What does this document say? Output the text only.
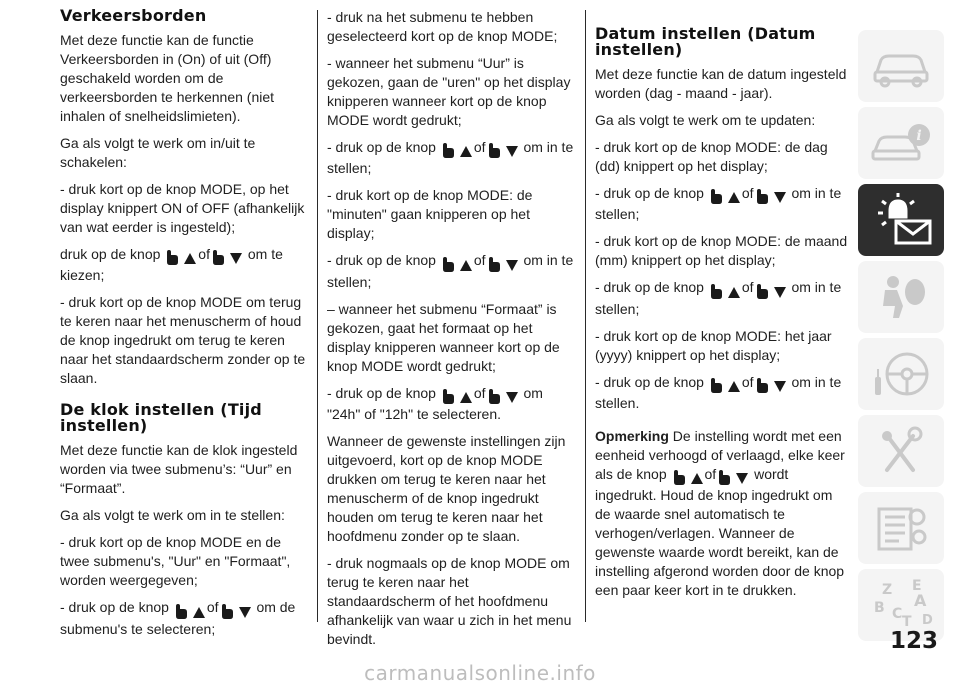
Verkeersborden

Met deze functie kan de functie Verkeersborden in (On) of uit (Off) geschakeld worden om de verkeersborden te herkennen (niet inhalen of snelheidslimieten).

Ga als volgt te werk om in/uit te schakelen:

- druk kort op de knop MODE, op het display knippert ON of OFF (afhankelijk van wat eerder is ingesteld);

druk op de knop	of	om te kiezen;

- druk kort op de knop MODE om terug te keren naar het menuscherm of houd de knop ingedrukt om terug te keren naar het standaardscherm zonder op te slaan.

De klok instellen (Tijd instellen)

Met deze functie kan de klok ingesteld worden via twee submenu’s: “Uur” en “Formaat”.

Ga als volgt te werk om in te stellen:

- druk kort op de knop MODE en de twee submenu's, "Uur" en "Formaat", worden weergegeven;

- druk op de knop	of	om de submenu's te selecteren;

- druk na het submenu te hebben geselecteerd kort op de knop MODE;

- wanneer het submenu “Uur” is gekozen, gaan de "uren" op het display knipperen wanneer kort op de knop MODE wordt gedrukt;

- druk op de knop	of	om in te stellen;

- druk kort op de knop MODE: de "minuten" gaan knipperen op het display;

- druk op de knop	of	om in te stellen;

– wanneer het submenu “Formaat” is gekozen, gaat het formaat op het display knipperen wanneer kort op de knop MODE wordt gedrukt;

- druk op de knop	of	om "24h" of "12h" te selecteren.

Wanneer de gewenste instellingen zijn uitgevoerd, kort op de knop MODE drukken om terug te keren naar het menuscherm of de knop ingedrukt houden om terug te keren naar het hoofdmenu zonder op te slaan.

- druk nogmaals op de knop MODE om terug te keren naar het standaardscherm of het hoofdmenu afhankelijk van waar u zich in het menu bevindt.

Datum instellen (Datum instellen)

Met deze functie kan de datum ingesteld worden (dag - maand - jaar).

Ga als volgt te werk om te updaten:

- druk kort op de knop MODE: de dag (dd) knippert op het display;

- druk op de knop	of	om in te stellen;

- druk kort op de knop MODE: de maand (mm) knippert op het display;

- druk op de knop	of	om in te stellen;

- druk kort op de knop MODE: het jaar (yyyy) knippert op het display;

- druk op de knop	of	om in te stellen.

Opmerking De instelling wordt met een eenheid verhoogd of verlaagd, elke keer als de knop	of	wordt ingedrukt. Houd de knop ingedrukt om de waarde snel automatisch te verhogen/verlagen. Wanneer de gewenste waarde wordt bereikt, kan de instelling afgerond worden door de knop een paar keer kort in te drukken.

i
Z E
A
B C T D
123
carmanualsonline.info
